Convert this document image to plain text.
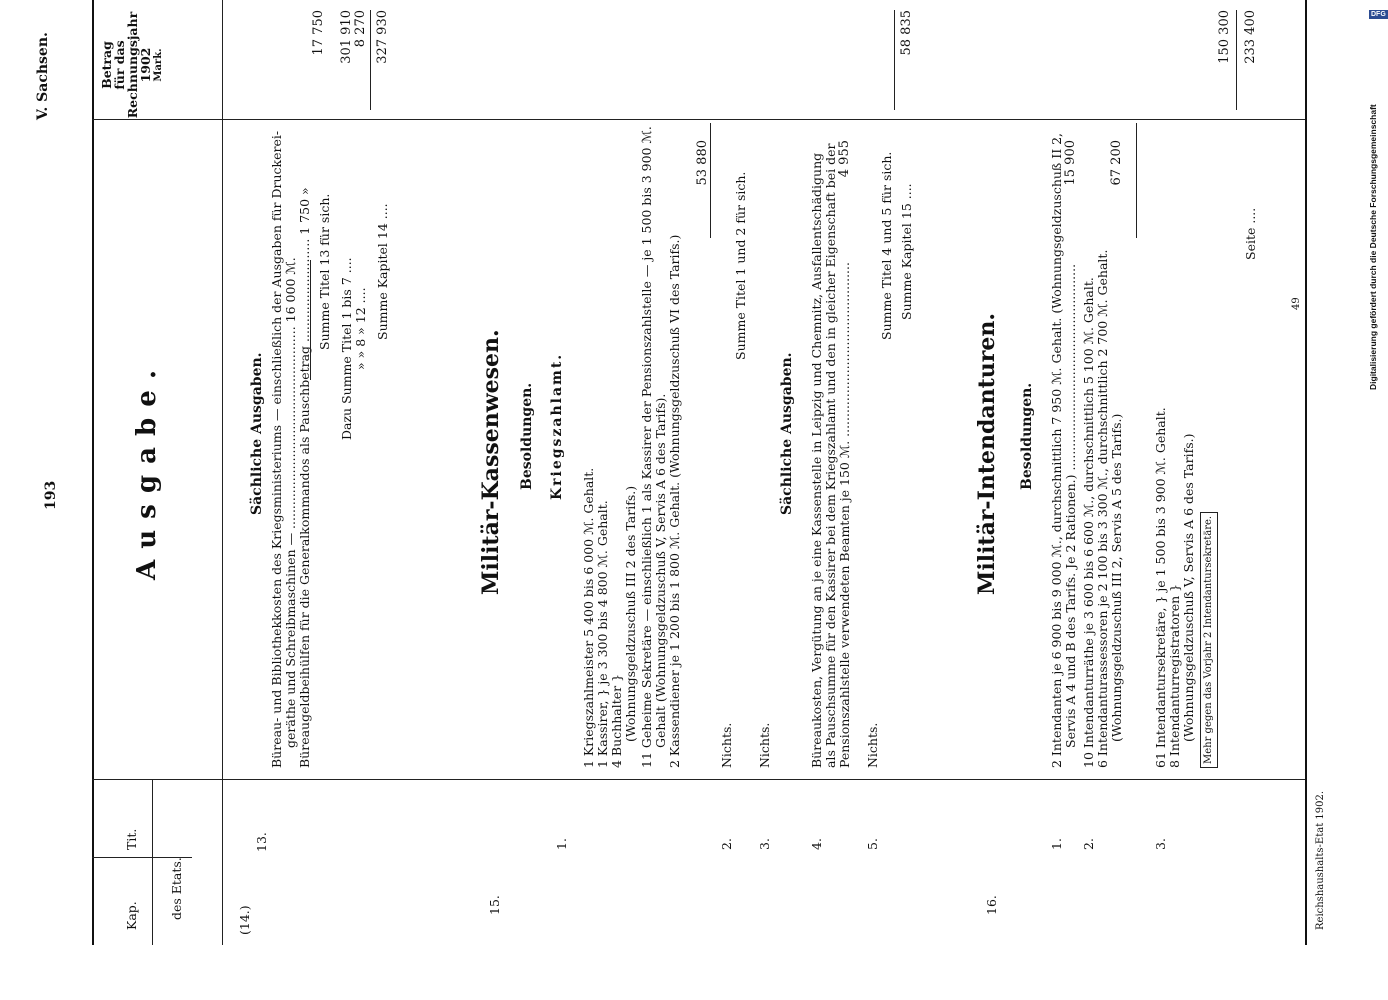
V. Sachsen.
193	A u s g a b e .
Betrag
für das
Rechnungsjahr
1902 Mark.
Kap.
Tit.
des Etats.
(14.)
13.
Sächliche Ausgaben. Büreau- und Bibliothekkosten des Kriegsministeriums — einschließlich der Ausgaben für Druckerei- geräthe und Schreibmaschinen — ................................................... 16 000 ℳ. Büreaugeldbeihülfen für die Generalkommandos als Pauschbetrag .......................... 1 750 »
17 750
Summe Titel 13 für sich. Dazu Summe Titel 1 bis 7 ....
301 910
» » 8 » 12 ....
8 270
Summe Kapitel 14 ....
327 930
15.
Militär-Kassenwesen. Besoldungen. Kriegszahlamt.
1.
1 Kriegszahlmeister 5 400 bis 6 000 ℳ. Gehalt. 1 Kassirer, } je 3 300 bis 4 800 ℳ. Gehalt. 4 Buchhalter } (Wohnungsgeldzuschuß III 2 des Tarifs.) 11 Geheime Sekretäre — einschließlich 1 als Kassirer der Pensionszahlstelle — je 1 500 bis 3 900 ℳ. Gehalt (Wohnungsgeldzuschuß V, Servis A 6 des Tarifs). 2 Kassendiener je 1 200 bis 1 800 ℳ. Gehalt. (Wohnungsgeldzuschuß VI des Tarifs.)
53 880
2.
Nichts.
Summe Titel 1 und 2 für sich.
3.
Nichts.
Sächliche Ausgaben.
4.
Büreaukosten, Vergütung an je eine Kassenstelle in Leipzig und Chemnitz, Ausfallentschädigung als Pauschsumme für den Kassirer bei dem Kriegszahlamt und den in gleicher Eigenschaft bei der Pensionszahlstelle verwendeten Beamten je 150 ℳ. ............................................
4 955
5.
Nichts.
Summe Titel 4 und 5 für sich. Summe Kapitel 15 ....
58 835
16.
Militär-Intendanturen. Besoldungen.
1.
2 Intendanten je 6 900 bis 9 000 ℳ., durchschnittlich 7 950 ℳ. Gehalt. (Wohnungsgeldzuschuß II 2, Servis A 4 und B des Tarifs. Je 2 Rationen.) ....................................................
15 900
2.
10 Intendanturräthe je 3 600 bis 6 600 ℳ., durchschnittlich 5 100 ℳ. Gehalt. 6 Intendanturassessoren je 2 100 bis 3 300 ℳ., durchschnittlich 2 700 ℳ. Gehalt. (Wohnungsgeldzuschuß III 2, Servis A 5 des Tarifs.)
67 200
3.
61 Intendantursekretäre, } je 1 500 bis 3 900 ℳ. Gehalt. 8 Intendanturregistratoren } (Wohnungsgeldzuschuß V, Servis A 6 des Tarifs.) Mehr gegen das Vorjahr 2 Intendantursekretäre.
150 300
Seite ....
233 400
Reichshaushalts-Etat 1902.
49	Digitalisierung gefördert durch die Deutsche Forschungsgemeinschaft
DFG
